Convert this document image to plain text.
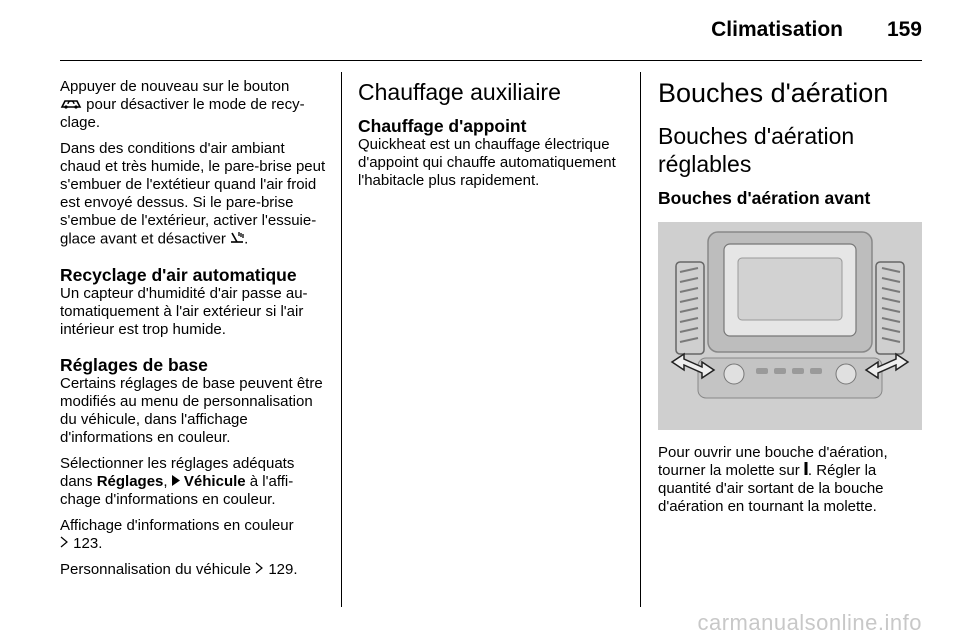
Climatisation 159

Appuyer de nouveau sur le bouton
pour désactiver le mode de recyclage.

Dans des conditions d'air ambiant chaud et très humide, le pare-brise peut s'embuer de l'extétieur quand l'air froid est envoyé dessus. Si le pare-brise s'embue de l'extérieur, activer l'essuie-glace avant et désactiver .

Recyclage d'air automatique

Un capteur d'humidité d'air passe automatiquement à l'air extérieur si l'air intérieur est trop humide.

Réglages de base

Certains réglages de base peuvent être modifiés au menu de personnalisation du véhicule, dans l'affichage d'informations en couleur.

Sélectionner les réglages adéquats dans Réglages,  Véhicule à l'affichage d'informations en couleur.

Affichage d'informations en couleur
123.

Personnalisation du véhicule 129.

Chauffage auxiliaire
Chauffage d'appoint

Quickheat est un chauffage électrique d'appoint qui chauffe automatiquement l'habitacle plus rapidement.

Bouches d'aération
Bouches d'aération réglables
Bouches d'aération avant

Pour ouvrir une bouche d'aération, tourner la molette sur . Régler la quantité d'air sortant de la bouche d'aération en tournant la molette.

carmanualsonline.info
